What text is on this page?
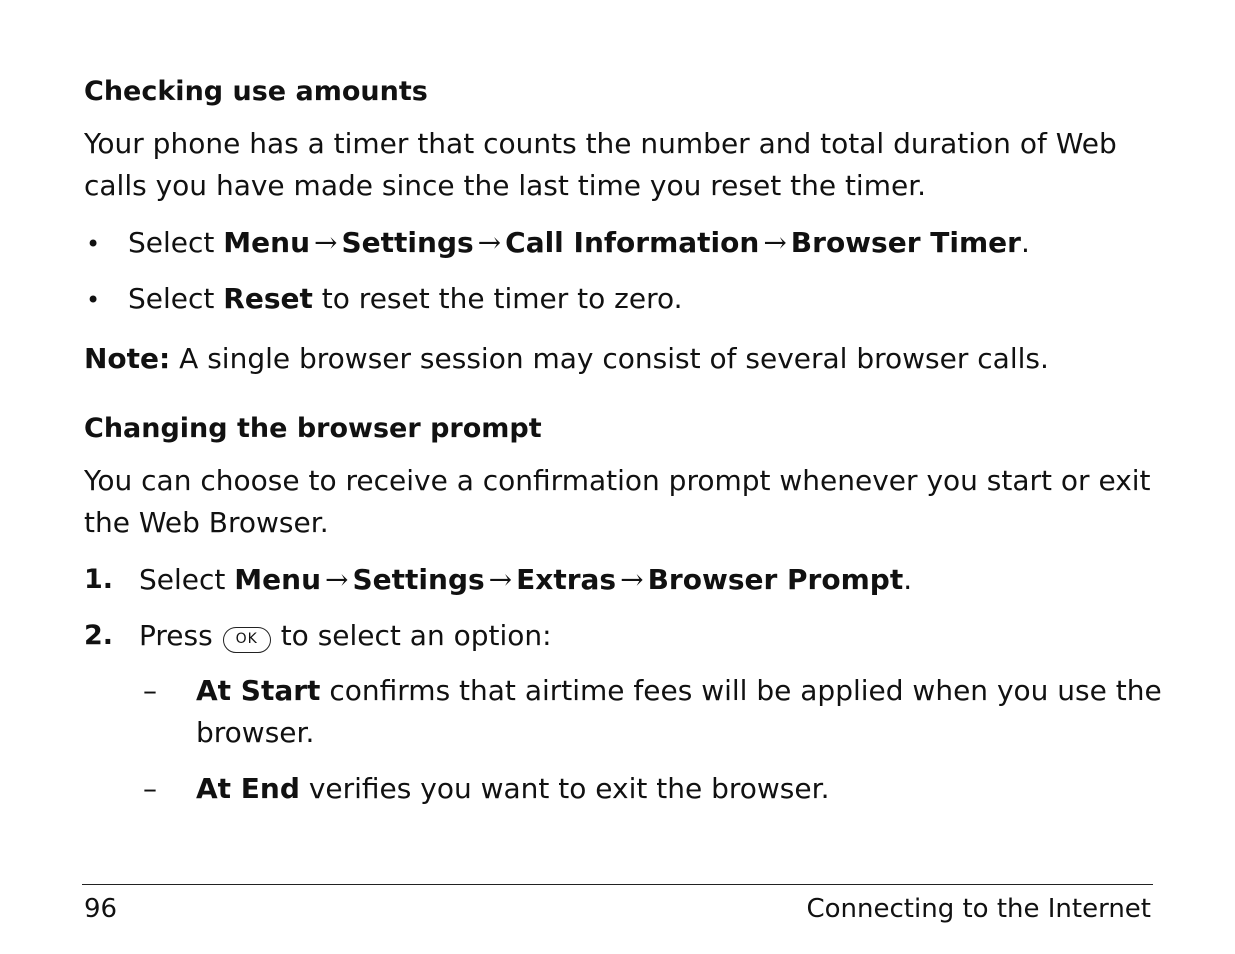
Checking use amounts
Your phone has a timer that counts the number and total duration of Web
calls you have made since the last time you reset the timer.
• Select Menu → Settings → Call Information → Browser Timer.
• Select Reset to reset the timer to zero.
Note: A single browser session may consist of several browser calls.
Changing the browser prompt
You can choose to receive a confirmation prompt whenever you start or exit
the Web Browser.
1. Select Menu → Settings → Extras → Browser Prompt.
2. Press OK to select an option:
– At Start confirms that airtime fees will be applied when you use the
browser.
– At End verifies you want to exit the browser.
96	Connecting to the Internet
